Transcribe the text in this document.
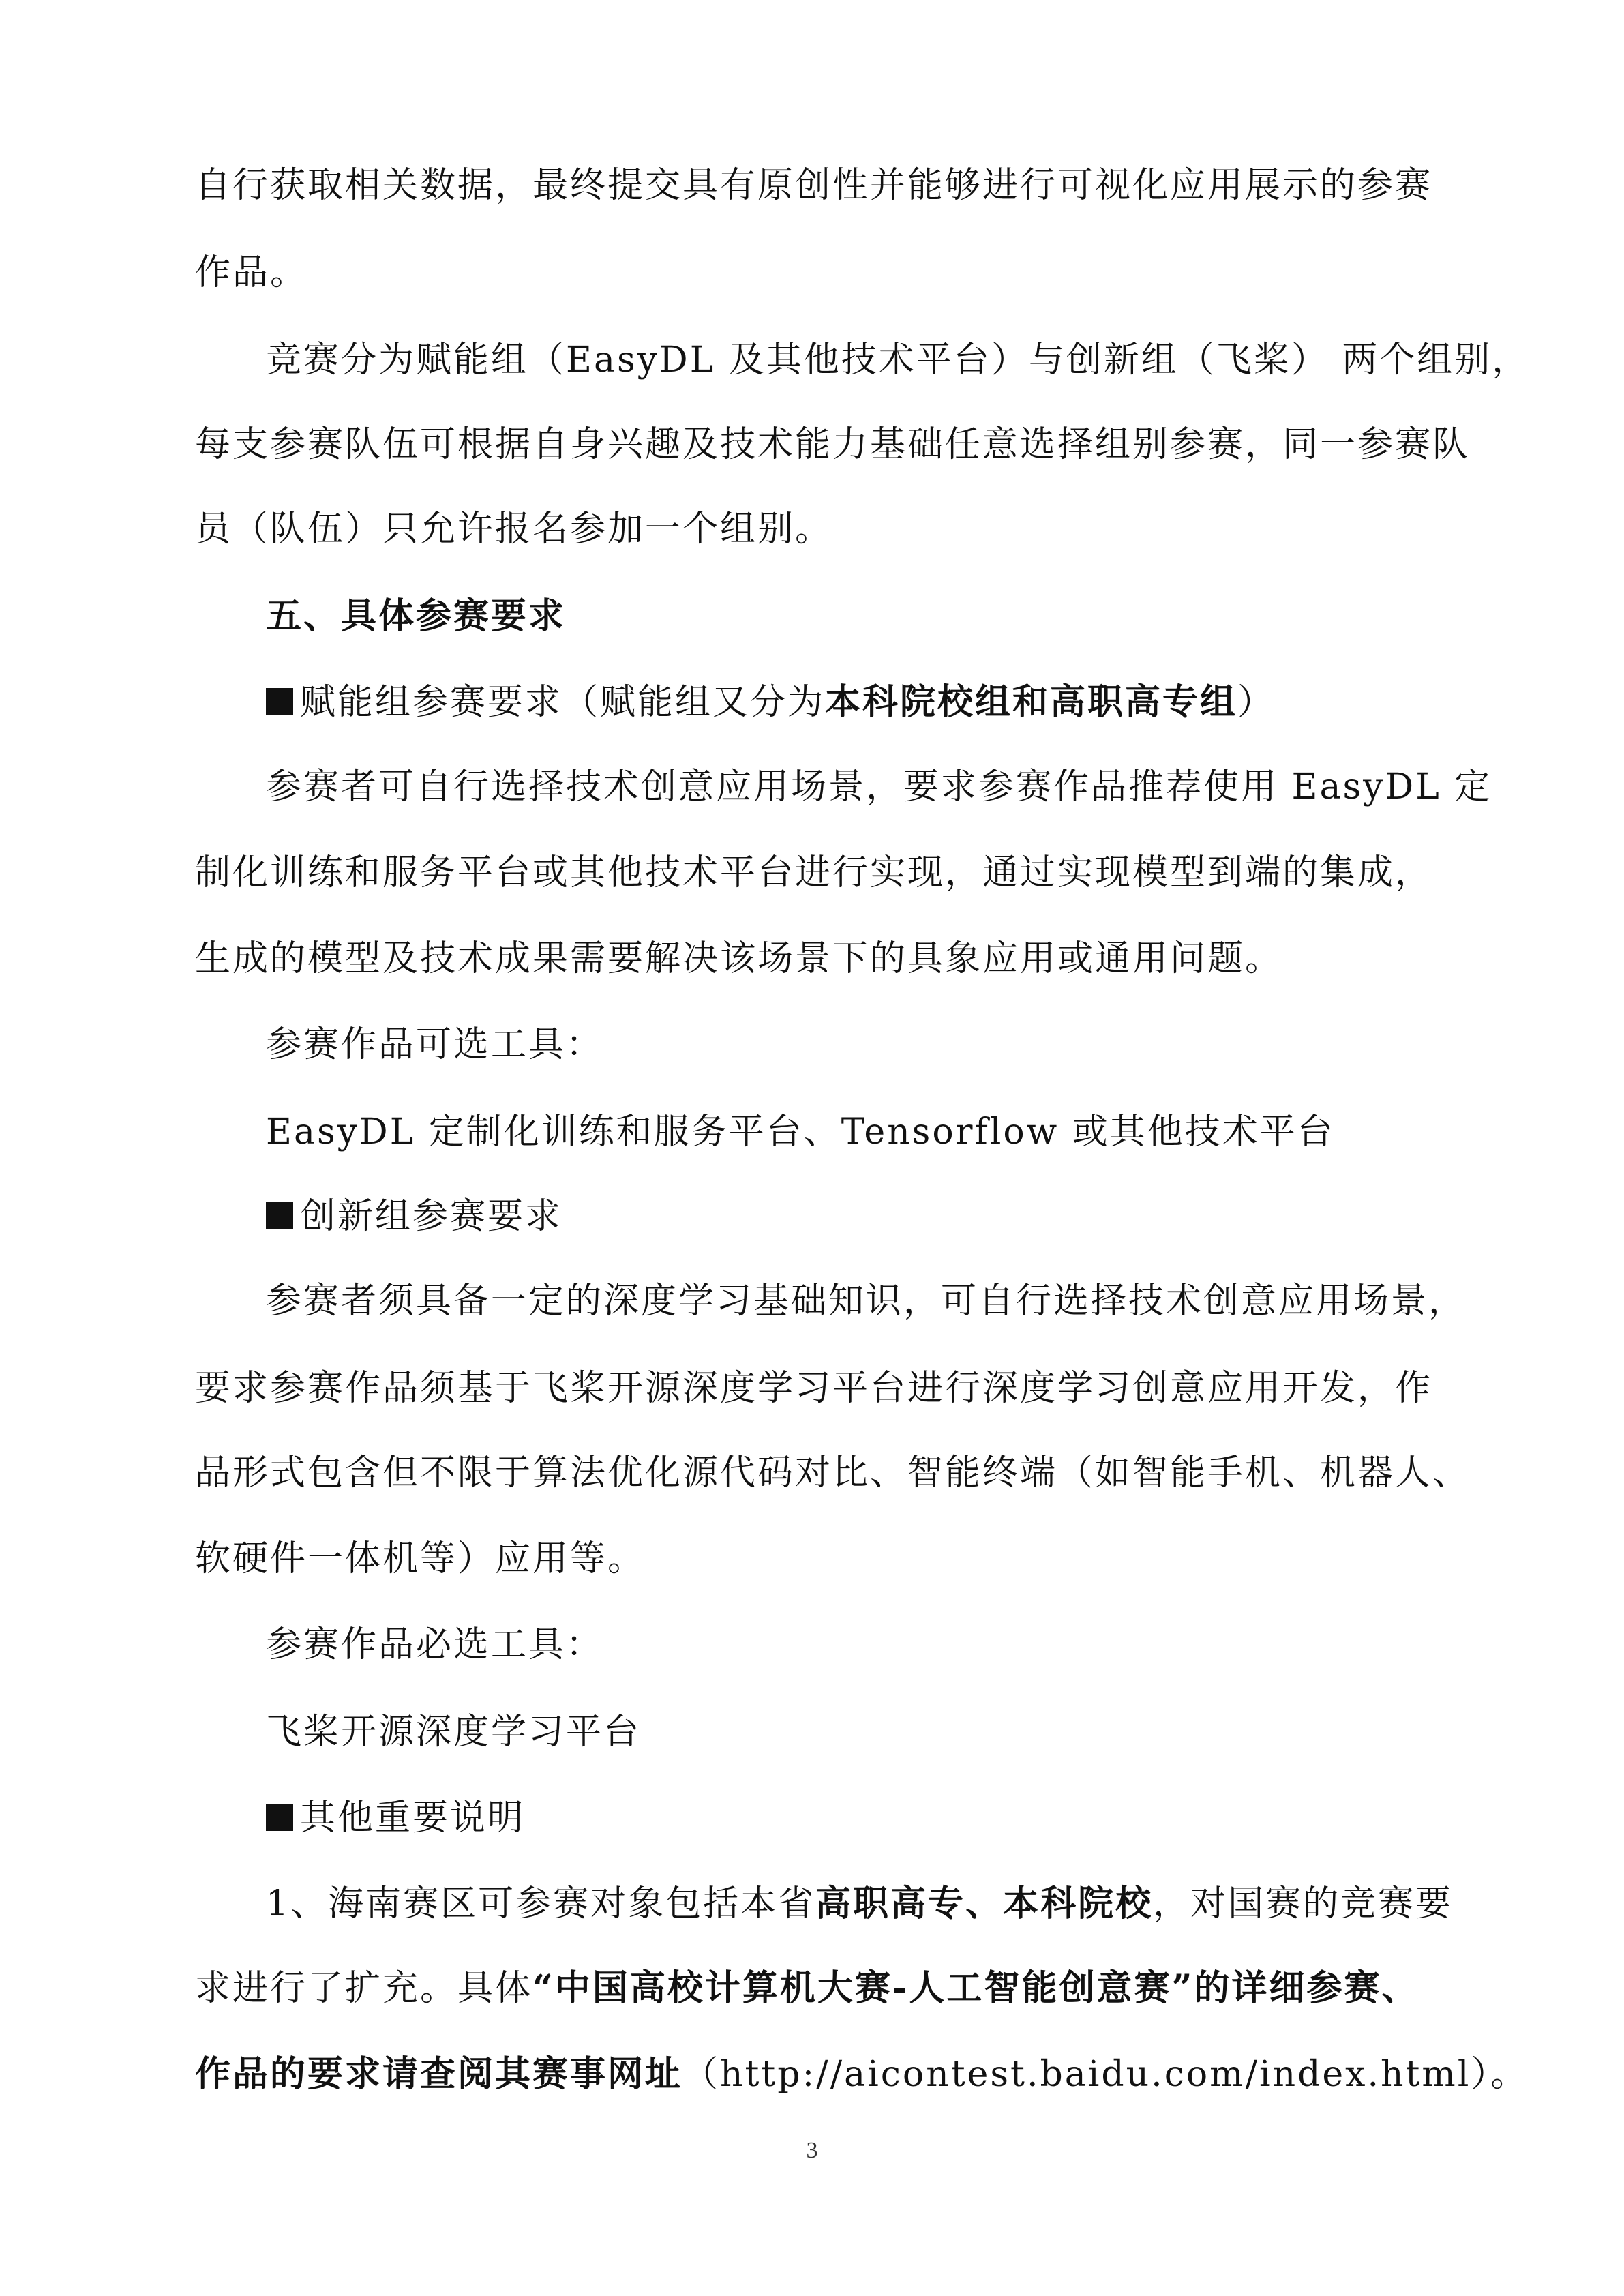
自行获取相关数据，最终提交具有原创性并能够进行可视化应用展示的参赛
作品。
竞赛分为赋能组（EasyDL 及其他技术平台）与创新组（飞桨） 两个组别，
每支参赛队伍可根据自身兴趣及技术能力基础任意选择组别参赛，同一参赛队
员（队伍）只允许报名参加一个组别。
五、具体参赛要求
赋能组参赛要求（赋能组又分为本科院校组和高职高专组）
参赛者可自行选择技术创意应用场景，要求参赛作品推荐使用 EasyDL 定
制化训练和服务平台或其他技术平台进行实现，通过实现模型到端的集成，
生成的模型及技术成果需要解决该场景下的具象应用或通用问题。
参赛作品可选工具：
EasyDL 定制化训练和服务平台、Tensorflow 或其他技术平台
创新组参赛要求
参赛者须具备一定的深度学习基础知识，可自行选择技术创意应用场景，
要求参赛作品须基于飞桨开源深度学习平台进行深度学习创意应用开发，作
品形式包含但不限于算法优化源代码对比、智能终端（如智能手机、机器人、
软硬件一体机等）应用等。
参赛作品必选工具：
飞桨开源深度学习平台
其他重要说明
1、海南赛区可参赛对象包括本省高职高专、本科院校，对国赛的竞赛要
求进行了扩充。具体“中国高校计算机大赛-人工智能创意赛”的详细参赛、
作品的要求请查阅其赛事网址（http://aicontest.baidu.com/index.html）。
3
